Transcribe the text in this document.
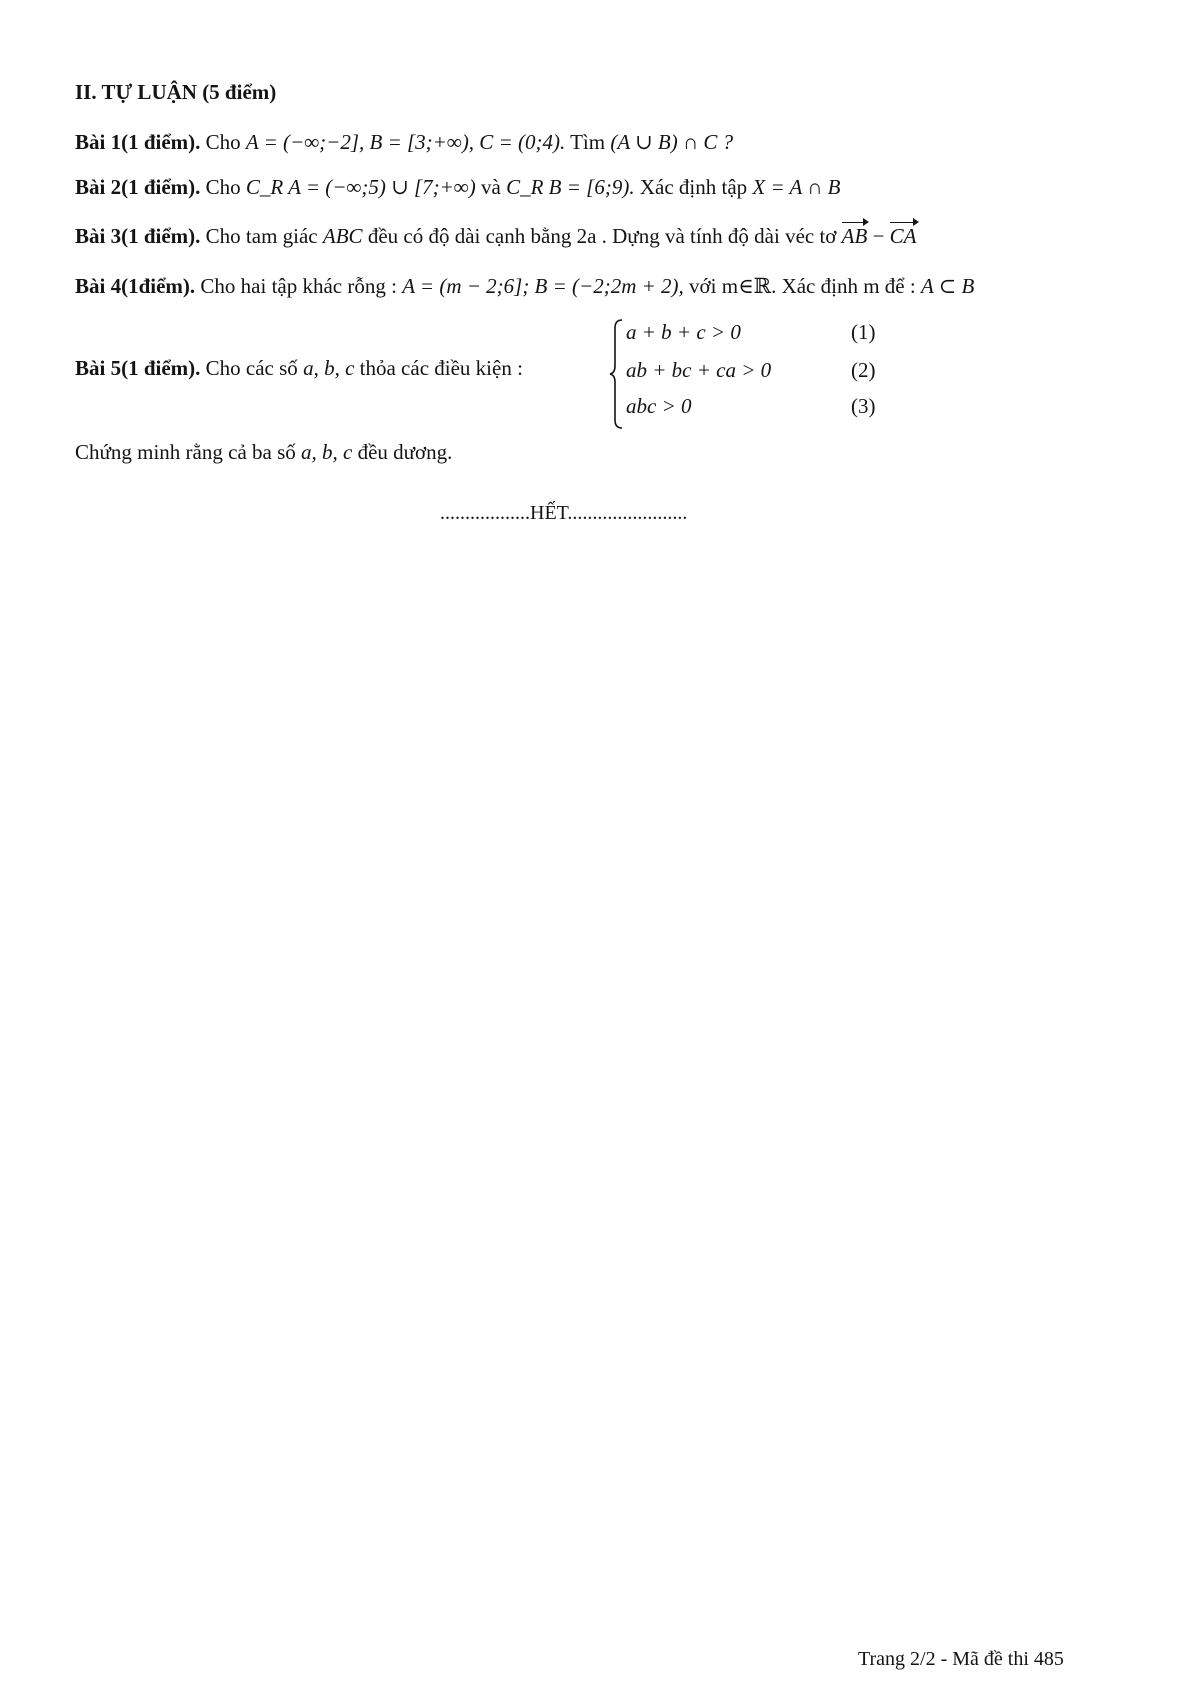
II. TỰ LUẬN (5 điểm)
Bài 1(1 điểm). Cho A = (−∞;−2], B = [3;+∞), C = (0;4). Tìm (A ∪ B) ∩ C ?
Bài 2(1 điểm). Cho C_R A = (−∞;5) ∪ [7;+∞) và C_R B = [6;9). Xác định tập X = A ∩ B
Bài 3(1 điểm). Cho tam giác ABC đều có độ dài cạnh bằng 2a . Dựng và tính độ dài véc tơ AB − CA
Bài 4(1điểm). Cho hai tập khác rỗng : A = (m − 2;6]; B = (−2;2m + 2), với m∈ℝ. Xác định m để : A ⊂ B
Bài 5(1 điểm). Cho các số a, b, c thỏa các điều kiện :
a + b + c > 0	(1)
ab + bc + ca > 0	(2)
abc > 0	(3)
Chứng minh rằng cả ba số a, b, c đều dương.
..................HẾT........................
Trang 2/2 - Mã đề thi 485
